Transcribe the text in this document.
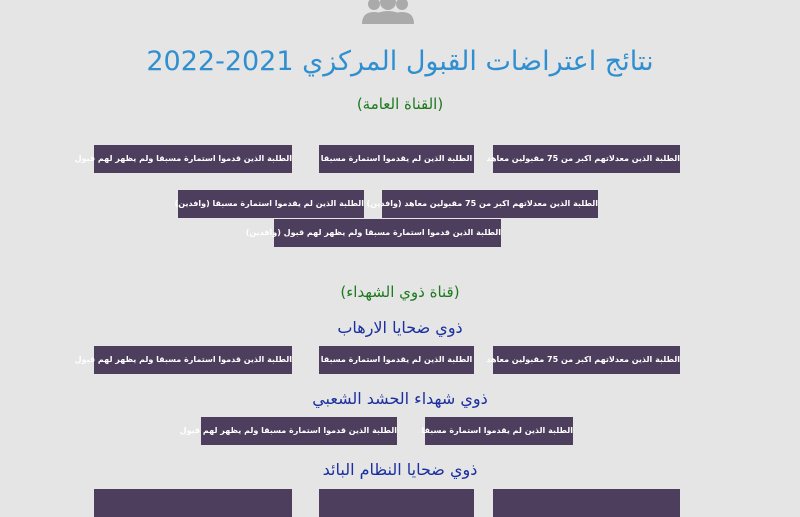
نتائج اعتراضات القبول المركزي 2021-2022
(القناة العامة)
الطلبة الذين معدلاتهم اكبر من 75 مقبولين معاهد
الطلبة الذين لم يقدموا استمارة مسبقا
الطلبة الذين قدموا استمارة مسبقا ولم يظهر لهم قبول
الطلبة الذين معدلاتهم اكبر من 75 مقبولين معاهد (وافدين)
الطلبة الذين لم يقدموا استمارة مسبقا (وافدين)
الطلبة الذين قدموا استمارة مسبقا ولم يظهر لهم قبول (وافدين)
(قناة ذوي الشهداء)
ذوي ضحايا الارهاب
الطلبة الذين معدلاتهم اكبر من 75 مقبولين معاهد
الطلبة الذين لم يقدموا استمارة مسبقا
الطلبة الذين قدموا استمارة مسبقا ولم يظهر لهم قبول
ذوي شهداء الحشد الشعبي
الطلبة الذين لم يقدموا استمارة مسبقا
الطلبة الذين قدموا استمارة مسبقا ولم يظهر لهم قبول
ذوي ضحايا النظام البائد
